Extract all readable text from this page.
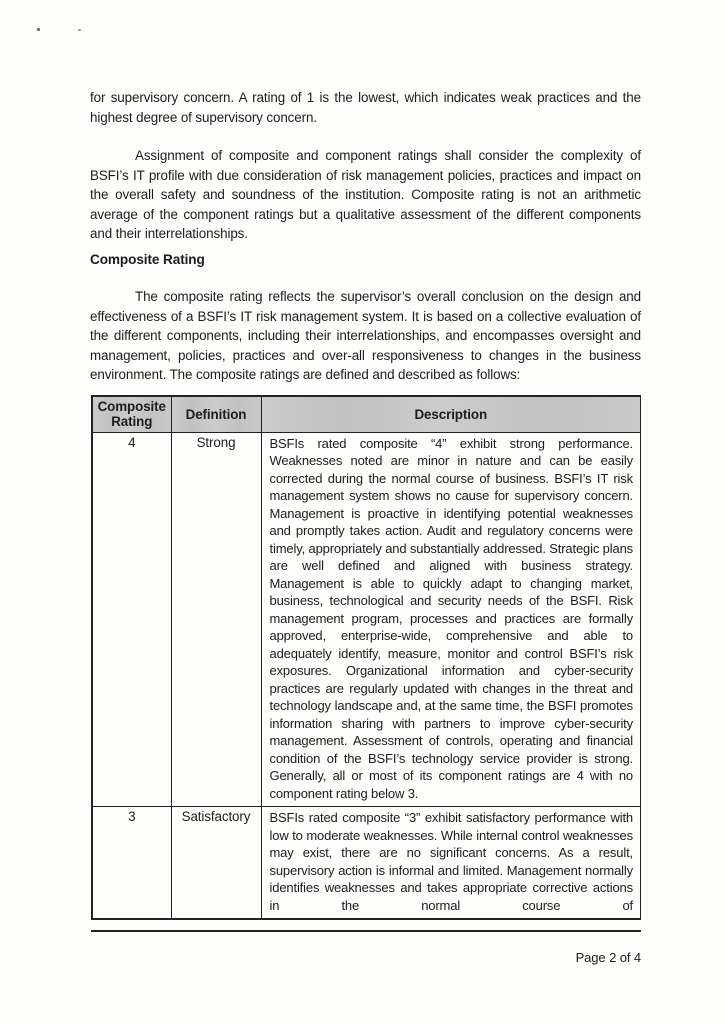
for supervisory concern. A rating of 1 is the lowest, which indicates weak practices and the highest degree of supervisory concern.

Assignment of composite and component ratings shall consider the complexity of BSFI’s IT profile with due consideration of risk management policies, practices and impact on the overall safety and soundness of the institution. Composite rating is not an arithmetic average of the component ratings but a qualitative assessment of the different components and their interrelationships.

Composite Rating

The composite rating reflects the supervisor’s overall conclusion on the design and effectiveness of a BSFI’s IT risk management system. It is based on a collective evaluation of the different components, including their interrelationships, and encompasses oversight and management, policies, practices and over-all responsiveness to changes in the business environment. The composite ratings are defined and described as follows:

Composite Rating	Definition	Description
4	Strong	BSFIs rated composite “4” exhibit strong performance. Weaknesses noted are minor in nature and can be easily corrected during the normal course of business. BSFI’s IT risk management system shows no cause for supervisory concern. Management is proactive in identifying potential weaknesses and promptly takes action. Audit and regulatory concerns were timely, appropriately and substantially addressed. Strategic plans are well defined and aligned with business strategy. Management is able to quickly adapt to changing market, business, technological and security needs of the BSFI. Risk management program, processes and practices are formally approved, enterprise-wide, comprehensive and able to adequately identify, measure, monitor and control BSFI’s risk exposures. Organizational information and cyber-security practices are regularly updated with changes in the threat and technology landscape and, at the same time, the BSFI promotes information sharing with partners to improve cyber-security management. Assessment of controls, operating and financial condition of the BSFI’s technology service provider is strong. Generally, all or most of its component ratings are 4 with no component rating below 3.
3	Satisfactory	BSFIs rated composite “3” exhibit satisfactory performance with low to moderate weaknesses. While internal control weaknesses may exist, there are no significant concerns. As a result, supervisory action is informal and limited. Management normally identifies weaknesses and takes appropriate corrective actions in the normal course of
Page 2 of 4
